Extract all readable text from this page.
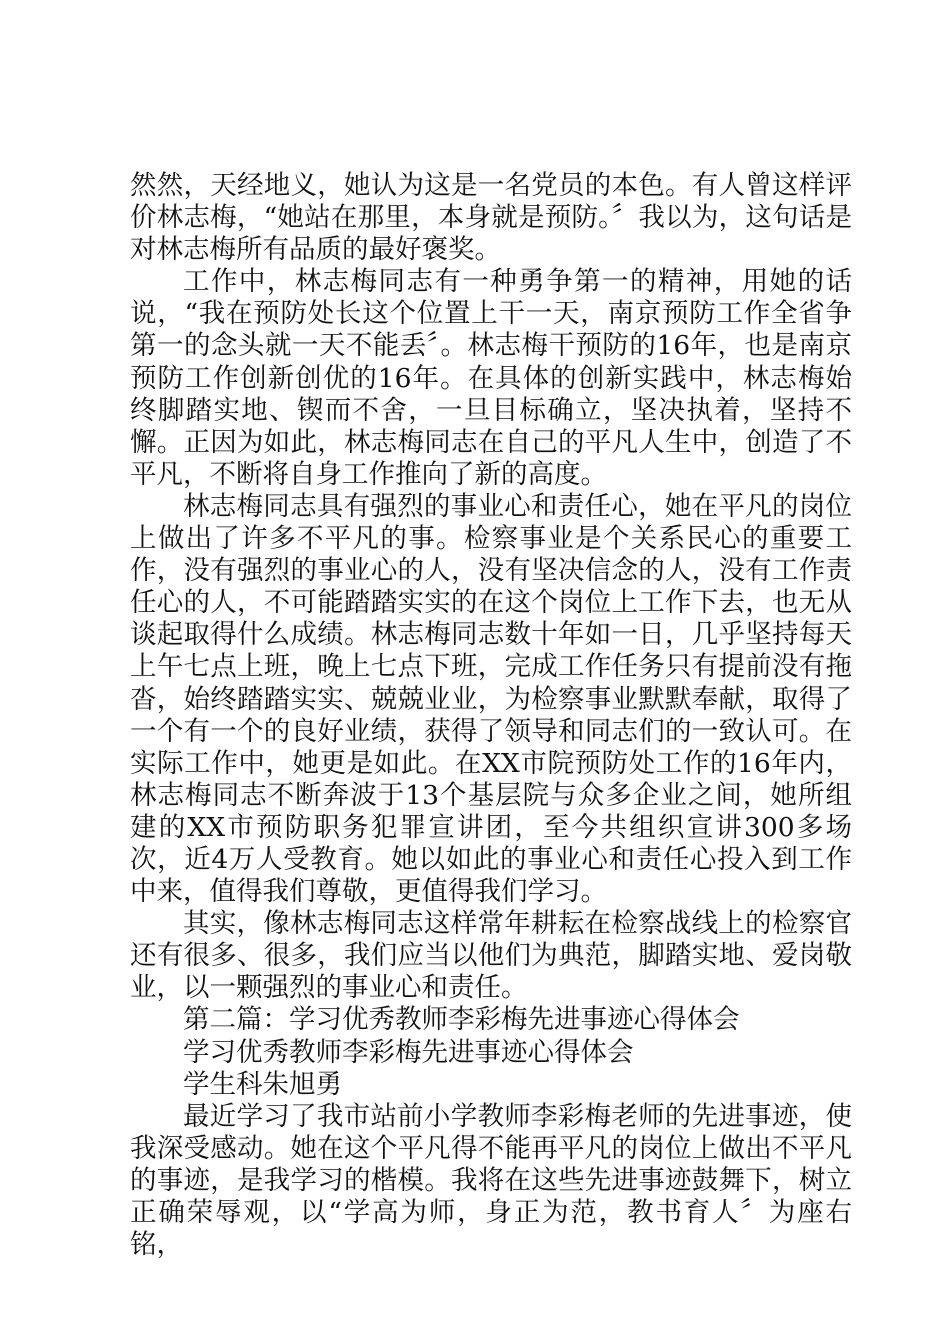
然然，天经地义，她认为这是一名党员的本色。有人曾这样评价林志梅，“她站在那里，本身就是预防。〞我以为，这句话是对林志梅所有品质的最好褒奖。

工作中，林志梅同志有一种勇争第一的精神，用她的话说，“我在预防处长这个位置上干一天，南京预防工作全省争第一的念头就一天不能丢〞。林志梅干预防的16年，也是南京预防工作创新创优的16年。在具体的创新实践中，林志梅始终脚踏实地、锲而不舍，一旦目标确立，坚决执着，坚持不懈。正因为如此，林志梅同志在自己的平凡人生中，创造了不平凡，不断将自身工作推向了新的高度。

林志梅同志具有强烈的事业心和责任心，她在平凡的岗位上做出了许多不平凡的事。检察事业是个关系民心的重要工作，没有强烈的事业心的人，没有坚决信念的人，没有工作责任心的人，不可能踏踏实实的在这个岗位上工作下去，也无从谈起取得什么成绩。林志梅同志数十年如一日，几乎坚持每天上午七点上班，晚上七点下班，完成工作任务只有提前没有拖沓，始终踏踏实实、兢兢业业，为检察事业默默奉献，取得了一个有一个的良好业绩，获得了领导和同志们的一致认可。在实际工作中，她更是如此。在XX市院预防处工作的16年内，林志梅同志不断奔波于13个基层院与众多企业之间，她所组建的XX市预防职务犯罪宣讲团，至今共组织宣讲300多场次，近4万人受教育。她以如此的事业心和责任心投入到工作中来，值得我们尊敬，更值得我们学习。

其实，像林志梅同志这样常年耕耘在检察战线上的检察官还有很多、很多，我们应当以他们为典范，脚踏实地、爱岗敬业，以一颗强烈的事业心和责任。

第二篇：学习优秀教师李彩梅先进事迹心得体会

学习优秀教师李彩梅先进事迹心得体会

学生科朱旭勇

最近学习了我市站前小学教师李彩梅老师的先进事迹，使我深受感动。她在这个平凡得不能再平凡的岗位上做出不平凡的事迹，是我学习的楷模。我将在这些先进事迹鼓舞下，树立正确荣辱观，以“学高为师，身正为范，教书育人〞为座右铭，
